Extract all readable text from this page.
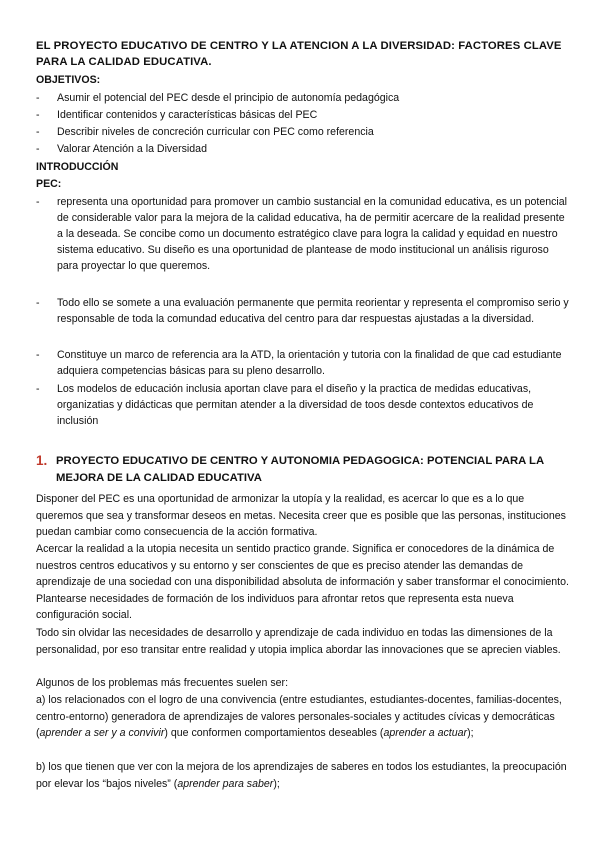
EL PROYECTO EDUCATIVO DE CENTRO Y LA ATENCION A LA DIVERSIDAD: FACTORES CLAVE PARA LA CALIDAD EDUCATIVA.

OBJETIVOS:

- Asumir el potencial del PEC desde el principio de autonomía pedagógica

- Identificar contenidos y características básicas del PEC

- Describir niveles de concreción curricular con PEC como referencia

- Valorar Atención a la Diversidad

INTRODUCCIÓN

PEC:

- representa una oportunidad para promover un cambio sustancial en la comunidad educativa, es un potencial de considerable valor para la mejora de la calidad educativa, ha de permitir acercare de la realidad presente a la deseada. Se concibe como un documento estratégico clave para logra la calidad y equidad en nuestro sistema educativo. Su diseño es una oportunidad de plantease de modo institucional un análisis riguroso para proyectar lo que queremos.

- Todo ello se somete a una evaluación permanente que permita reorientar y representa el compromiso serio y responsable de toda la comundad educativa del centro para dar respuestas ajustadas a la diversidad.

- Constituye un marco de referencia ara la ATD, la orientación y tutoria con la finalidad de que cad estudiante adquiera competencias básicas para su pleno desarrollo.

- Los modelos de educación inclusia aportan clave para el diseño y la practica de medidas educativas, organizatias y didácticas que permitan atender a la diversidad de toos desde contextos educativos de inclusión

1. PROYECTO EDUCATIVO DE CENTRO Y AUTONOMIA PEDAGOGICA: POTENCIAL PARA LA MEJORA DE LA CALIDAD EDUCATIVA

Disponer del PEC es una oportunidad de armonizar la utopía y la realidad, es acercar lo que es a lo que queremos que sea y transformar deseos en metas. Necesita creer que es posible que las personas, instituciones puedan cambiar como consecuencia de la acción formativa.

Acercar la realidad a la utopia necesita un sentido practico grande. Significa er conocedores de la dinámica de nuestros centros educativos y su entorno y ser conscientes de que es preciso atender las demandas de aprendizaje de una sociedad con una disponibilidad absoluta de información y saber transformar el conocimiento. Plantearse necesidades de formación de los individuos para afrontar retos que representa esta nueva configuración social.

Todo sin olvidar las necesidades de desarrollo y aprendizaje de cada individuo en todas las dimensiones de la personalidad, por eso transitar entre realidad y utopia implica abordar las innovaciones que se aprecien viables.

Algunos de los problemas más frecuentes suelen ser:

a) los relacionados con el logro de una convivencia (entre estudiantes, estudiantes-docentes, familias-docentes, centro-entorno) generadora de aprendizajes de valores personales-sociales y actitudes cívicas y democráticas (aprender a ser y a convivir) que conformen comportamientos deseables (aprender a actuar);

b) los que tienen que ver con la mejora de los aprendizajes de saberes en todos los estudiantes, la preocupación por elevar los “bajos niveles” (aprender para saber);
